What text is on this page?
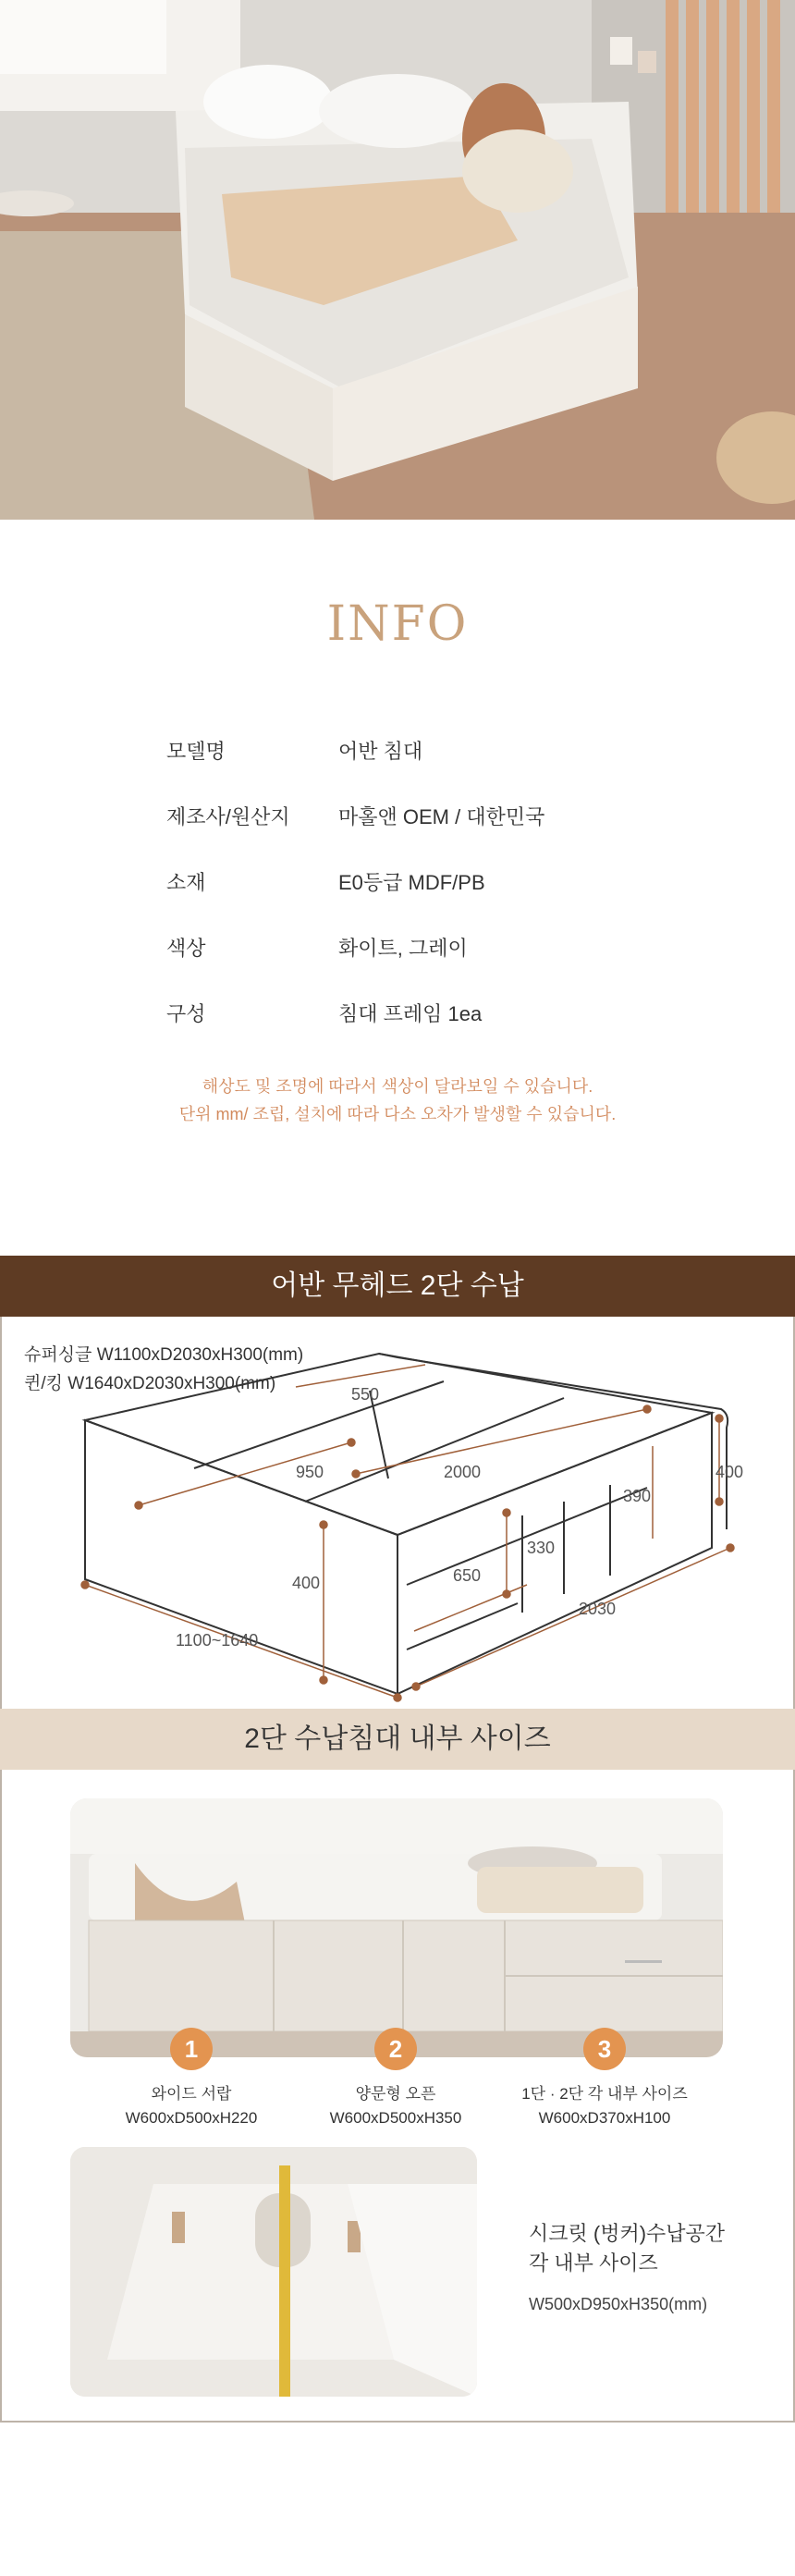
INFO
모델명	어반 침대
제조사/원산지	마홀앤 OEM / 대한민국
소재	E0등급 MDF/PB
색상	화이트, 그레이
구성	침대 프레임 1ea
해상도 및 조명에 따라서 색상이 달라보일 수 있습니다.
단위 mm/ 조립, 설치에 따라 다소 오차가 발생할 수 있습니다.
어반 무헤드 2단 수납
슈퍼싱글 W1100xD2030xH300(mm)
퀸/킹 W1640xD2030xH300(mm)
550
950	2000	400
390
330
650
400
2030
1100~1640
2단 수납침대 내부 사이즈
1	2	3
와이드 서랍
W600xD500xH220
양문형 오픈
W600xD500xH350
1단 · 2단 각 내부 사이즈
W600xD370xH100
시크릿 (벙커)수납공간
각 내부 사이즈
W500xD950xH350(mm)
